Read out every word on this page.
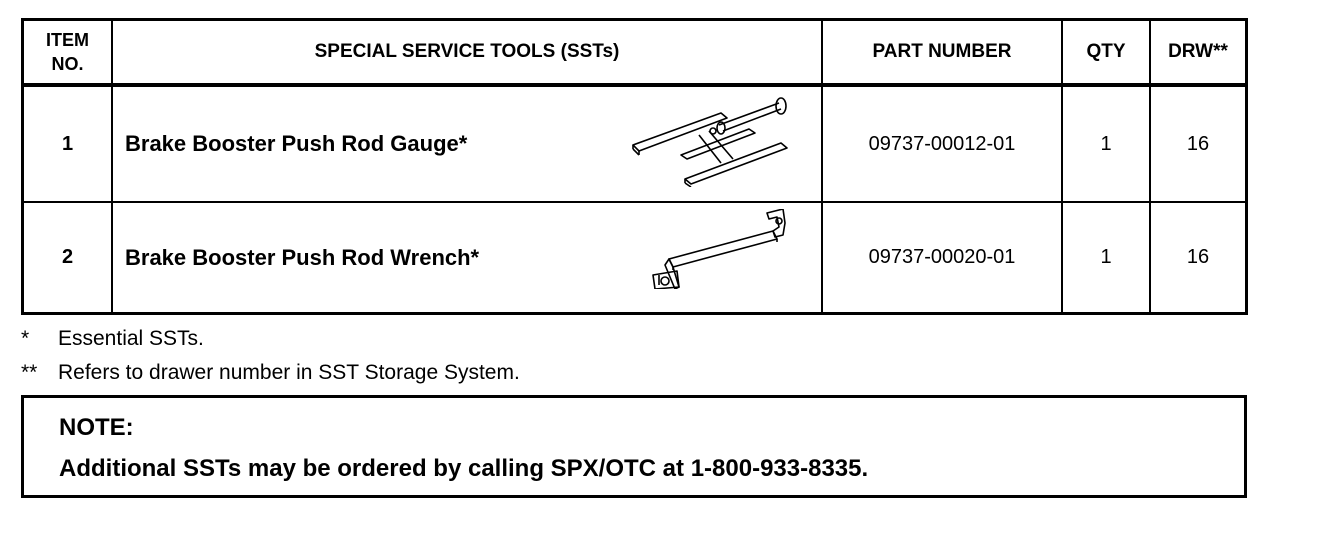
ITEM
NO.
SPECIAL SERVICE TOOLS (SSTs)	PART NUMBER	QTY	DRW**
1	Brake Booster Push Rod Gauge*	09737-00012-01	1	16
2	Brake Booster Push Rod Wrench*	09737-00020-01	1	16
* Essential SSTs.
** Refers to drawer number in SST Storage System.
NOTE:
Additional SSTs may be ordered by calling SPX/OTC at 1-800-933-8335.
